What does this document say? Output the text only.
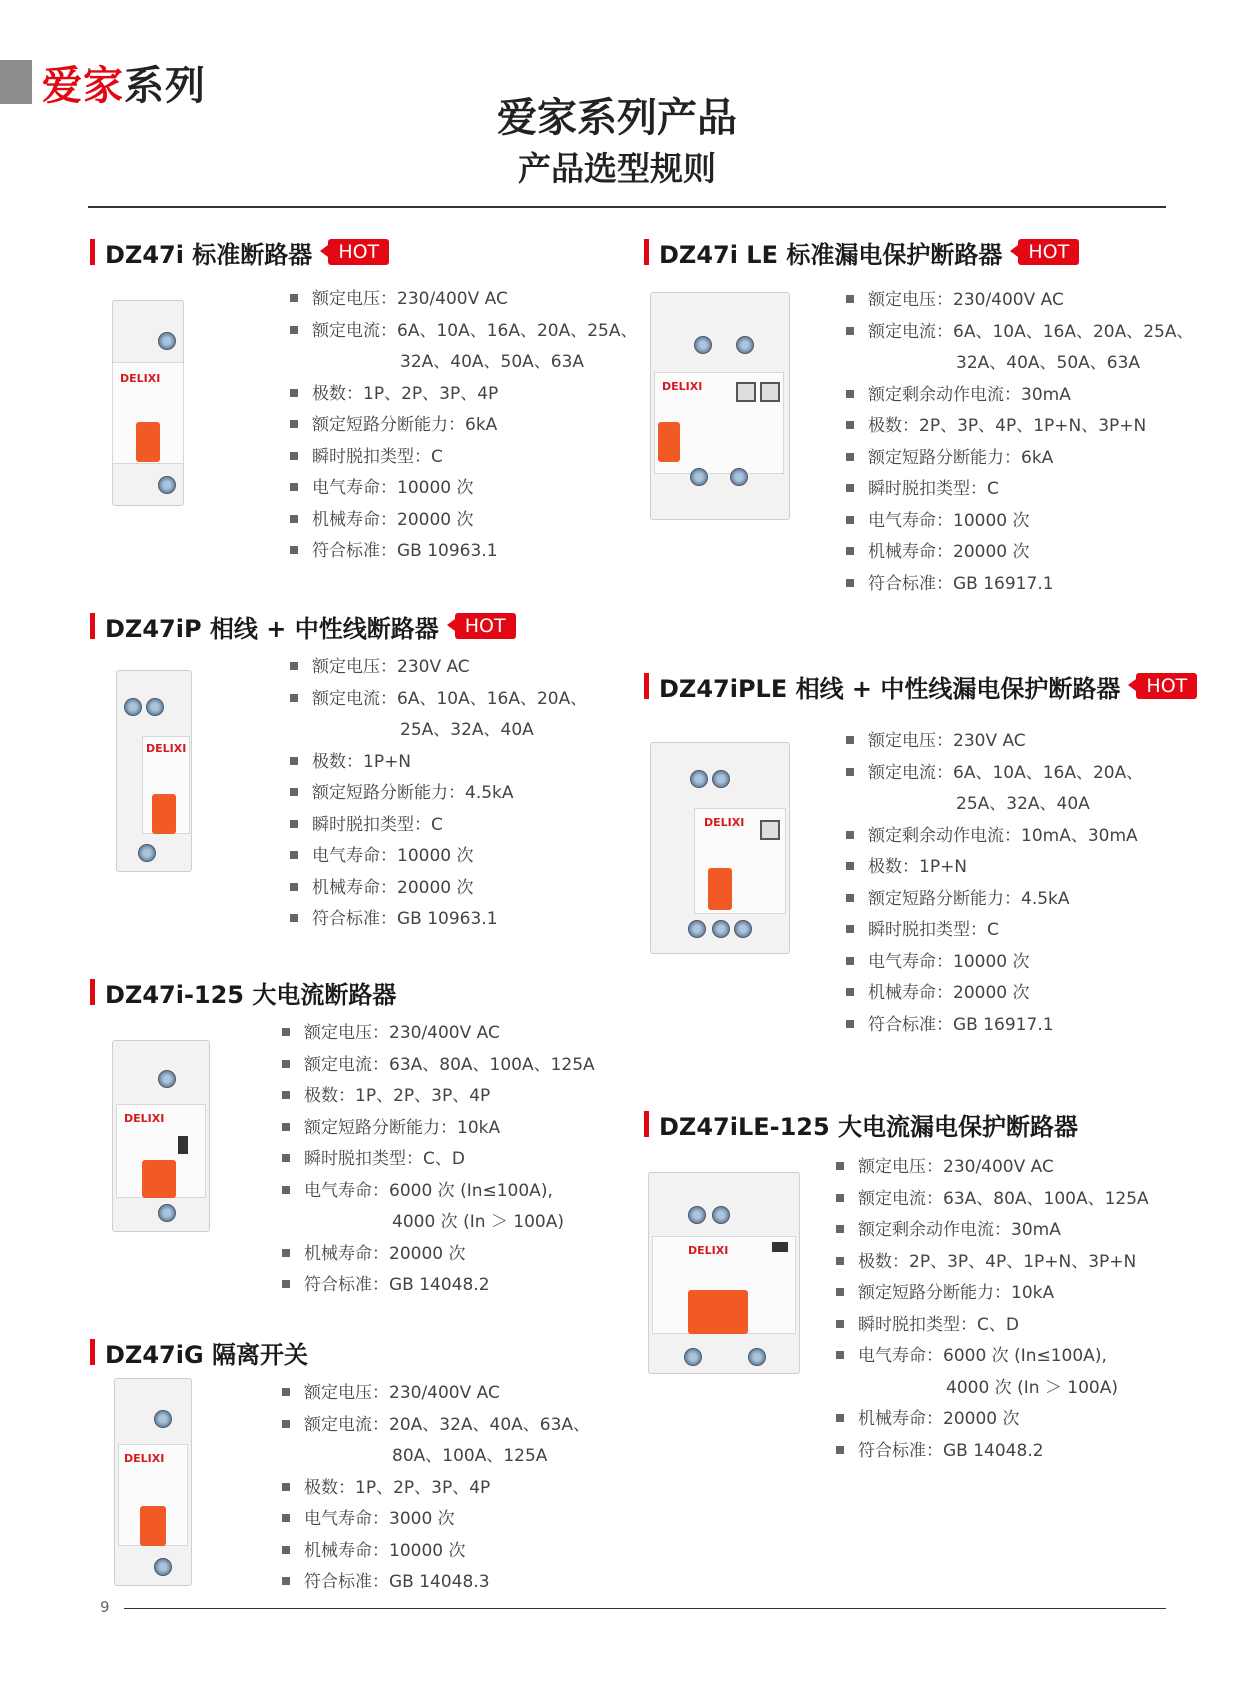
爱家系列
爱家系列产品
产品选型规则
DZ47i 标准断路器	HOT
额定电压：230/400V AC
额定电流：6A、10A、16A、20A、25A、
32A、40A、50A、63A
极数：1P、2P、3P、4P
额定短路分断能力：6kA
瞬时脱扣类型：C
电气寿命：10000 次
机械寿命：20000 次
符合标准：GB 10963.1
DZ47i LE 标准漏电保护断路器	HOT
额定电压：230/400V AC
额定电流：6A、10A、16A、20A、25A、
32A、40A、50A、63A
额定剩余动作电流：30mA
极数：2P、3P、4P、1P+N、3P+N
额定短路分断能力：6kA
瞬时脱扣类型：C
电气寿命：10000 次
机械寿命：20000 次
符合标准：GB 16917.1
DZ47iP 相线 + 中性线断路器	HOT
额定电压：230V AC
额定电流：6A、10A、16A、20A、
25A、32A、40A
极数：1P+N
额定短路分断能力：4.5kA
瞬时脱扣类型：C
电气寿命：10000 次
机械寿命：20000 次
符合标准：GB 10963.1
DZ47iPLE 相线 + 中性线漏电保护断路器	HOT
额定电压：230V AC
额定电流：6A、10A、16A、20A、
25A、32A、40A
额定剩余动作电流：10mA、30mA
极数：1P+N
额定短路分断能力：4.5kA
瞬时脱扣类型：C
电气寿命：10000 次
机械寿命：20000 次
符合标准：GB 16917.1
DZ47i-125 大电流断路器
额定电压：230/400V AC
额定电流：63A、80A、100A、125A
极数：1P、2P、3P、4P
额定短路分断能力：10kA
瞬时脱扣类型：C、D
电气寿命：6000 次 (In≤100A),
4000 次 (In ＞ 100A)
机械寿命：20000 次
符合标准：GB 14048.2
DZ47iLE-125 大电流漏电保护断路器
额定电压：230/400V AC
额定电流：63A、80A、100A、125A
额定剩余动作电流：30mA
极数：2P、3P、4P、1P+N、3P+N
额定短路分断能力：10kA
瞬时脱扣类型：C、D
电气寿命：6000 次 (In≤100A),
4000 次 (In ＞ 100A)
机械寿命：20000 次
符合标准：GB 14048.2
DZ47iG 隔离开关
额定电压：230/400V AC
额定电流：20A、32A、40A、63A、
80A、100A、125A
极数：1P、2P、3P、4P
电气寿命：3000 次
机械寿命：10000 次
符合标准：GB 14048.3
DELIXI
DELIXI
DELIXI
DELIXI
DELIXI
DELIXI
DELIXI
9
